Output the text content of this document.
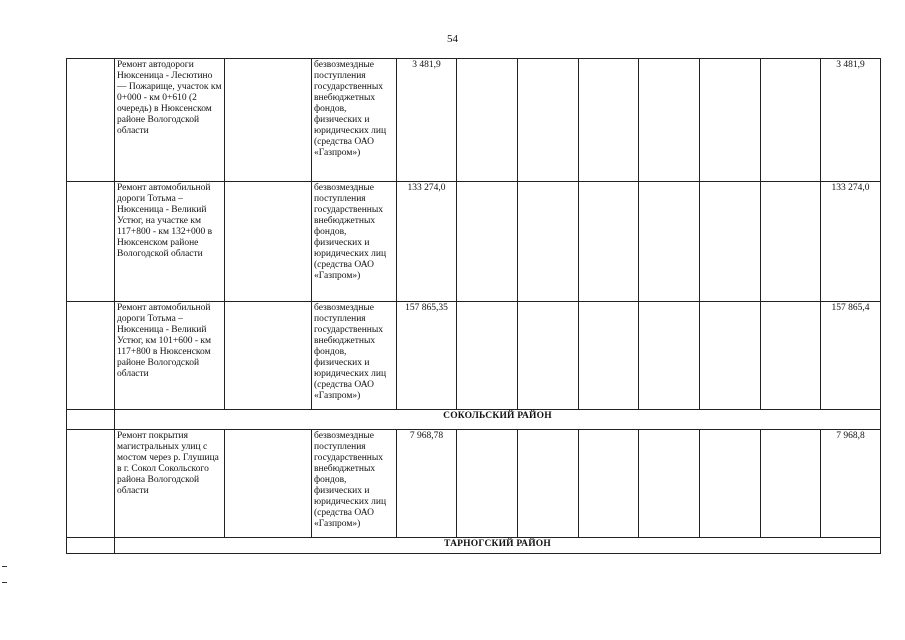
54
	Ремонт автодороги Нюксеница - Лесютино — Пожарище, участок км 0+000 - км 0+610 (2 очередь) в Нюксенском районе Вологодской области		безвозмездные поступления государственных внебюджетных фондов, физических и юридических лиц (средства ОАО «Газпром»)	3 481,9							3 481,9
	Ремонт автомобильной дороги Тотьма – Нюксеница - Великий Устюг, на участке км 117+800 - км 132+000 в Нюксенском районе Вологодской области		безвозмездные поступления государственных внебюджетных фондов, физических и юридических лиц (средства ОАО «Газпром»)	133 274,0							133 274,0
	Ремонт автомобильной дороги Тотьма – Нюксеница - Великий Устюг, км 101+600 - км 117+800 в Нюксенском районе Вологодской области		безвозмездные поступления государственных внебюджетных фондов, физических и юридических лиц (средства ОАО «Газпром»)	157 865,35							157 865,4
	СОКОЛЬСКИЙ РАЙОН										
	Ремонт покрытия магистральных улиц с мостом через р. Глушица в г. Сокол Сокольского района Вологодской области		безвозмездные поступления государственных внебюджетных фондов, физических и юридических лиц (средства ОАО «Газпром»)	7 968,78							7 968,8
	ТАРНОГСКИЙ РАЙОН										
